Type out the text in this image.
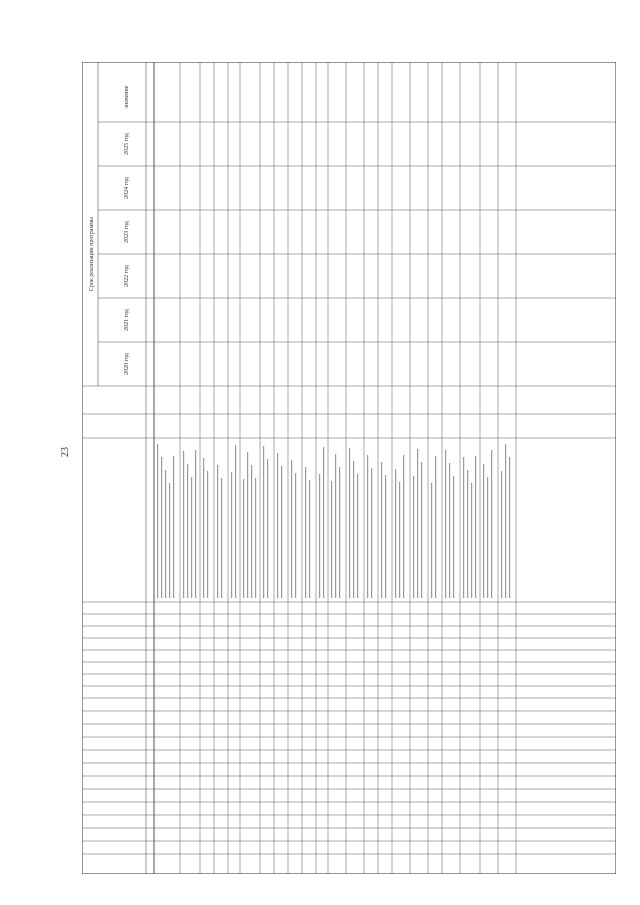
23
Срок реализации программы
2020 год
2021 год
2022 год
2023 год
2024 год
2025 год
значение
